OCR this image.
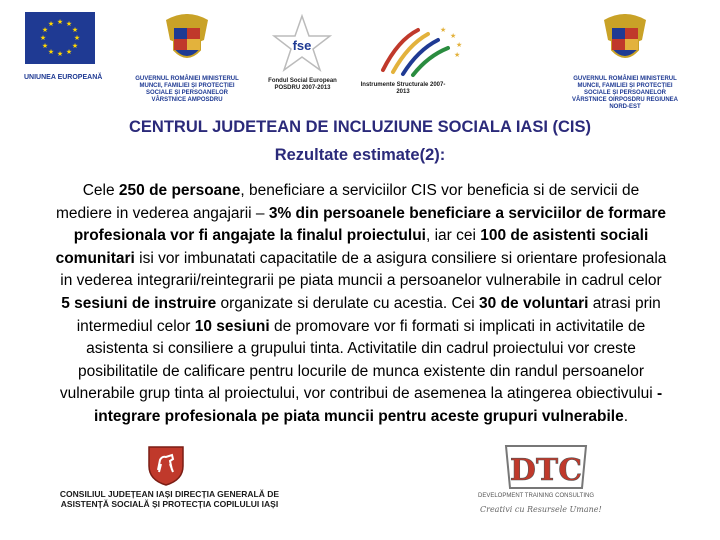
★ ★
★
★
★
★
★
★
★
★
★
★
UNIUNEA EUROPEANĂ	GUVERNUL ROMÂNIEI MINISTERUL MUNCII, FAMILIEI ȘI PROTECȚIEI SOCIALE ȘI PERSOANELOR VÂRSTNICE AMPOSDRU
fse
Fondul Social European POSDRU 2007-2013
★
★
★
★
Instrumente Structurale 2007-2013
GUVERNUL ROMÂNIEI MINISTERUL MUNCII, FAMILIEI ȘI PROTECȚIEI SOCIALE ȘI PERSOANELOR VÂRSTNICE OIRPOSDRU REGIUNEA NORD-EST
CENTRUL JUDETEAN DE INCLUZIUNE SOCIALA IASI (CIS)
Rezultate estimate(2):
Cele 250 de persoane, beneficiare a serviciilor CIS vor beneficia si de servicii de mediere in vederea angajarii – 3% din persoanele beneficiare a serviciilor de formare profesionala vor fi angajate la finalul proiectului, iar cei 100 de asistenti sociali comunitari isi vor imbunatati capacitatile de a asigura consiliere si orientare profesionala in vederea integrarii/reintegrarii pe piata muncii a persoanelor vulnerabile in cadrul celor 5 sesiuni de instruire organizate si derulate cu acestia. Cei 30 de voluntari atrasi prin intermediul celor 10 sesiuni de promovare vor fi formati si implicati in activitatile de asistenta si consiliere a grupului tinta. Activitatile din cadrul proiectului vor creste posibilitatile de calificare pentru locurile de munca existente din randul persoanelor vulnerabile grup tinta al proiectului, vor contribui de asemenea la atingerea obiectivului - integrare profesionala pe piata muncii pentru aceste grupuri vulnerabile.
CONSILIUL JUDEȚEAN IAȘI DIRECȚIA GENERALĂ DE ASISTENȚĂ SOCIALĂ ȘI PROTECȚIA COPILULUI IAȘI
DTC
DEVELOPMENT TRAINING CONSULTING
Creativi cu Resursele Umane!
